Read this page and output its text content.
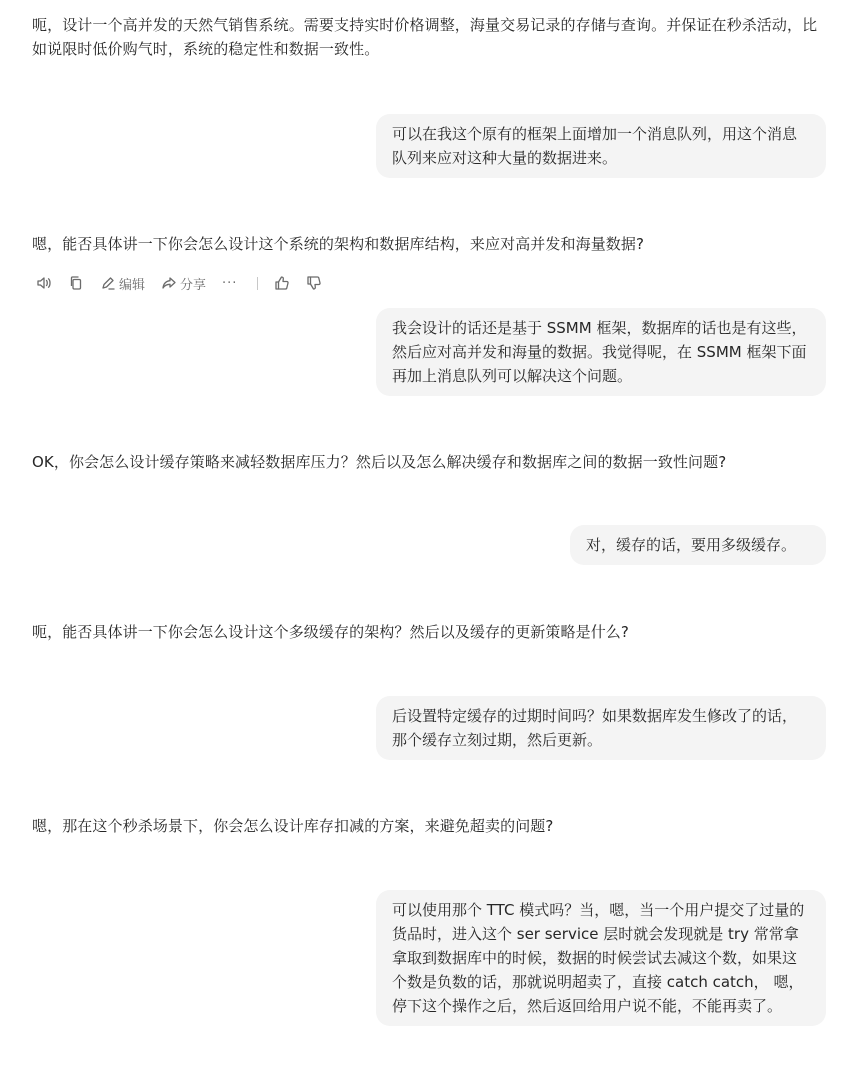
呃，设计一个高并发的天然气销售系统。需要支持实时价格调整，海量交易记录的存储与查询。并保证在秒杀活动，比如说限时低价购气时，系统的稳定性和数据一致性。
可以在我这个原有的框架上面增加一个消息队列，用这个消息队列来应对这种大量的数据进来。
嗯，能否具体讲一下你会怎么设计这个系统的架构和数据库结构，来应对高并发和海量数据?
编辑	分享 ···
我会设计的话还是基于 SSMM 框架，数据库的话也是有这些，然后应对高并发和海量的数据。我觉得呢，在 SSMM 框架下面再加上消息队列可以解决这个问题。
OK，你会怎么设计缓存策略来减轻数据库压力？然后以及怎么解决缓存和数据库之间的数据一致性问题?
对，缓存的话，要用多级缓存。
呃，能否具体讲一下你会怎么设计这个多级缓存的架构？然后以及缓存的更新策略是什么?
后设置特定缓存的过期时间吗？如果数据库发生修改了的话，那个缓存立刻过期，然后更新。
嗯，那在这个秒杀场景下，你会怎么设计库存扣减的方案，来避免超卖的问题?
可以使用那个 TTC 模式吗？当，嗯，当一个用户提交了过量的货品时，进入这个 ser service 层时就会发现就是 try 常常拿拿取到数据库中的时候，数据的时候尝试去减这个数，如果这个数是负数的话，那就说明超卖了，直接 catch catch， 嗯，停下这个操作之后，然后返回给用户说不能，不能再卖了。
